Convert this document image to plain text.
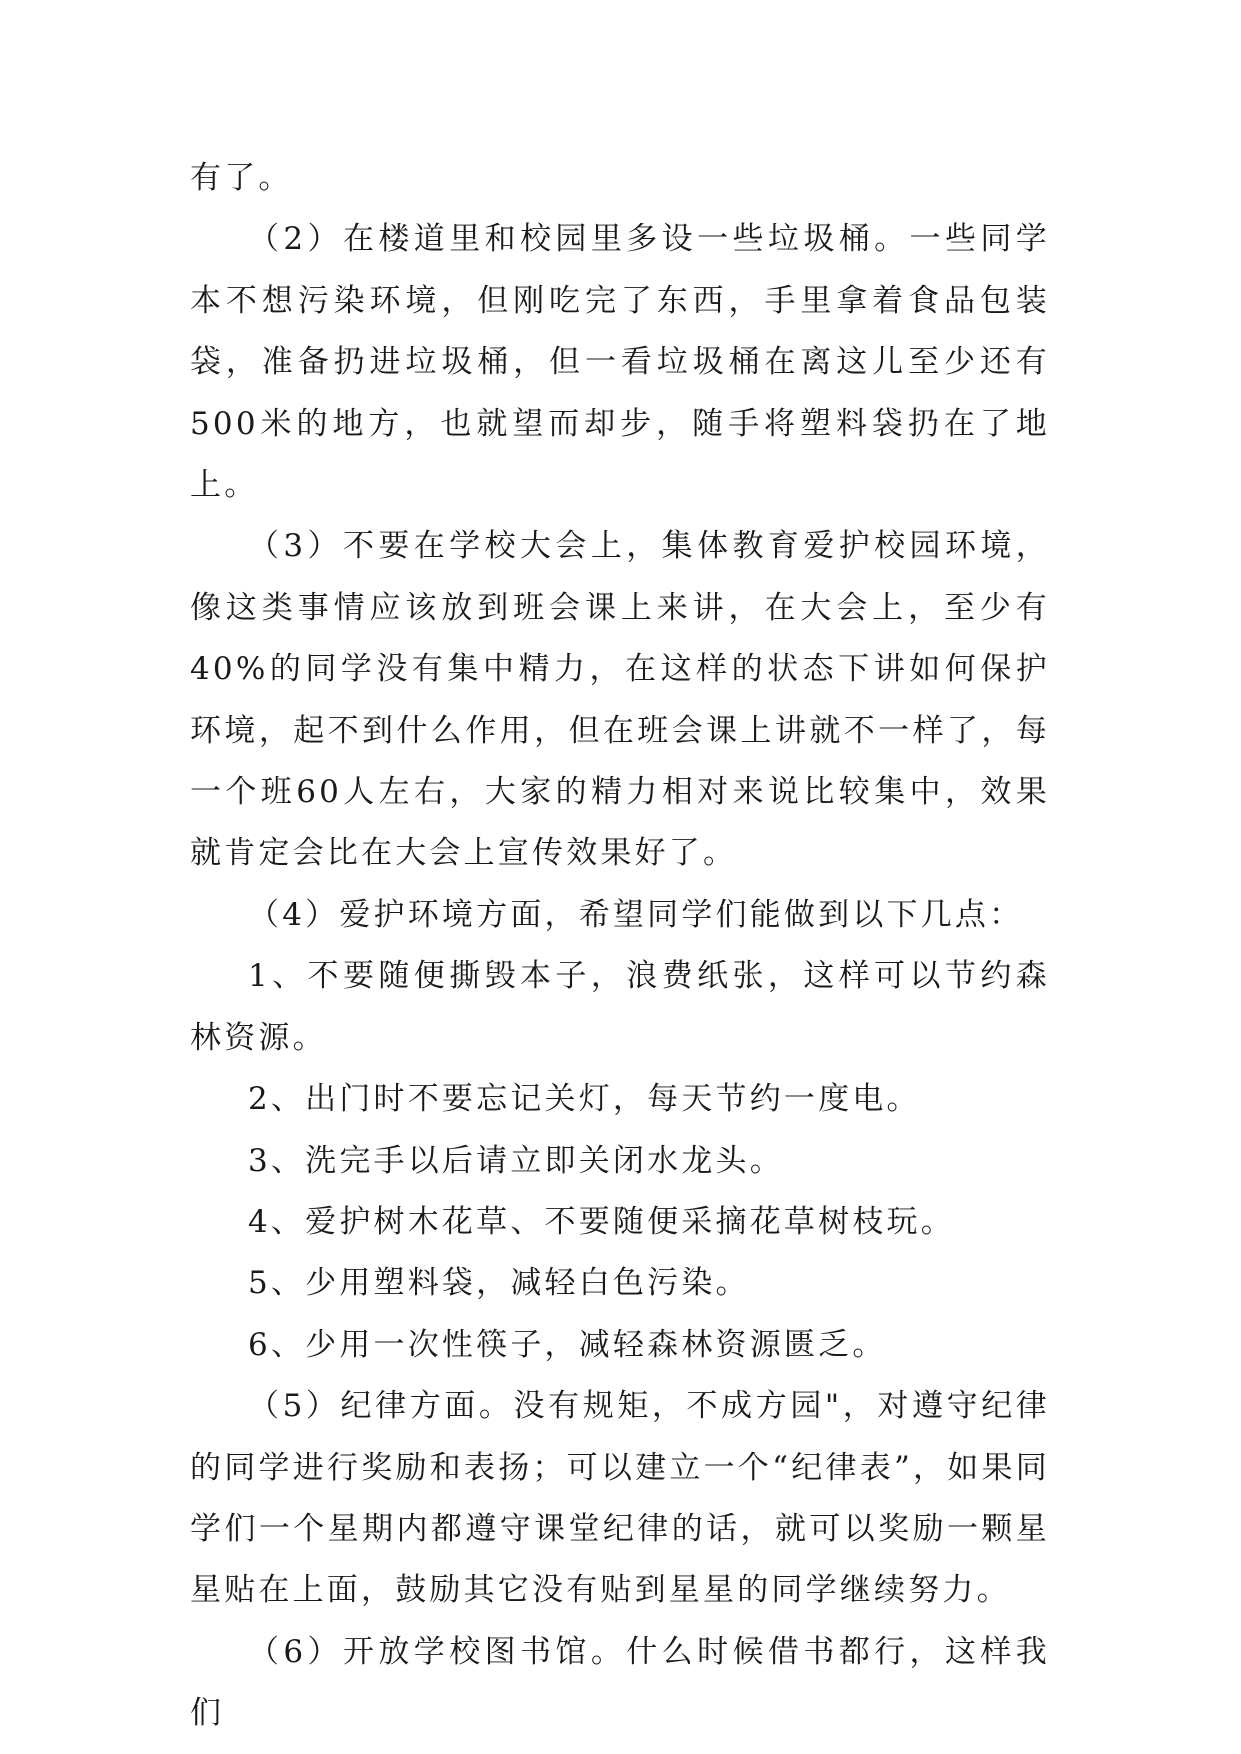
有了。

（2）在楼道里和校园里多设一些垃圾桶。一些同学本不想污染环境，但刚吃完了东西，手里拿着食品包装袋，准备扔进垃圾桶，但一看垃圾桶在离这儿至少还有500米的地方，也就望而却步，随手将塑料袋扔在了地上。

（3）不要在学校大会上，集体教育爱护校园环境，像这类事情应该放到班会课上来讲，在大会上，至少有40%的同学没有集中精力，在这样的状态下讲如何保护环境，起不到什么作用，但在班会课上讲就不一样了，每一个班60人左右，大家的精力相对来说比较集中，效果就肯定会比在大会上宣传效果好了。

（4）爱护环境方面，希望同学们能做到以下几点：

1、不要随便撕毁本子，浪费纸张，这样可以节约森林资源。

2、出门时不要忘记关灯，每天节约一度电。

3、洗完手以后请立即关闭水龙头。

4、爱护树木花草、不要随便采摘花草树枝玩。

5、少用塑料袋，减轻白色污染。

6、少用一次性筷子，减轻森林资源匮乏。

（5）纪律方面。没有规矩，不成方园"，对遵守纪律的同学进行奖励和表扬；可以建立一个“纪律表”，如果同学们一个星期内都遵守课堂纪律的话，就可以奖励一颗星星贴在上面，鼓励其它没有贴到星星的同学继续努力。

（6）开放学校图书馆。什么时候借书都行，这样我们
